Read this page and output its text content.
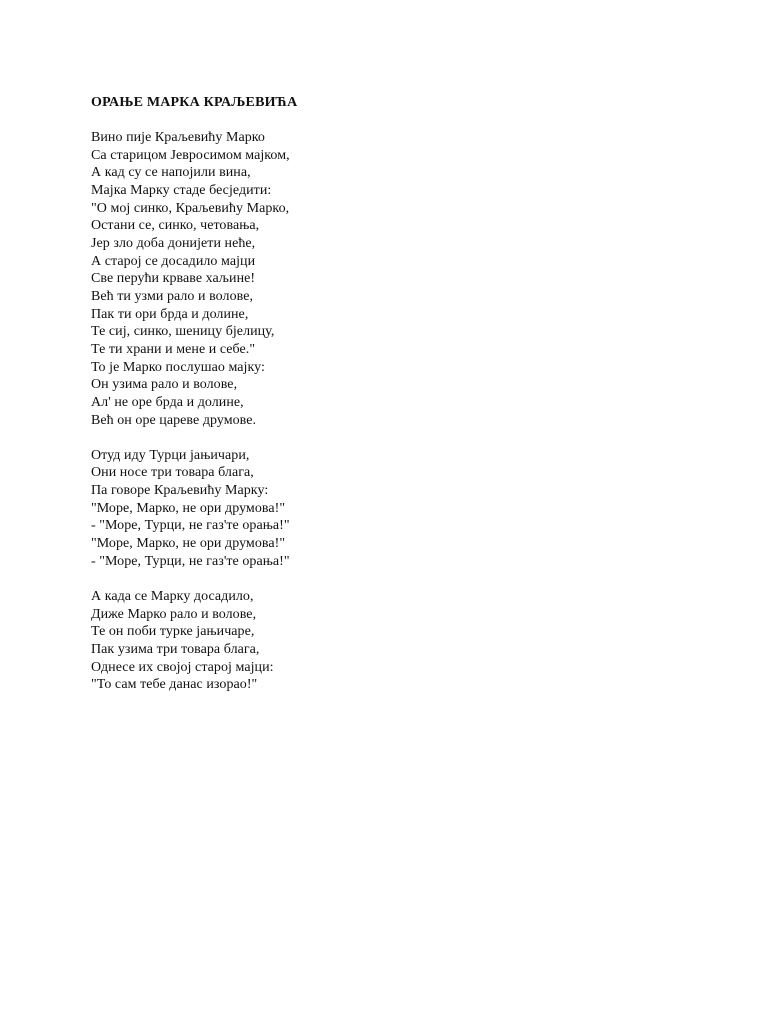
ОРАЊЕ МАРКА КРАЉЕВИЋА
Вино пије Краљевићу Марко
Са старицом Јевросимом мајком,
А кад су се напојили вина,
Мајка Марку стаде бесједити:
"О мој синко, Краљевићу Марко,
Остани се, синко, четовања,
Јер зло доба донијети неће,
А старој се досадило мајци
Све перући крваве хаљине!
Већ ти узми рало и волове,
Пак ти ори брда и долине,
Те сиј, синко, шеницу бјелицу,
Те ти храни и мене и себе."
То је Марко послушао мајку:
Он узима рало и волове,
Ал' не оре брда и долине,
Већ он оре цареве друмове.
Отуд иду Турци јањичари,
Они носе три товара блага,
Па говоре Краљевићу Марку:
"Море, Марко, не ори друмова!"
- "Море, Турци, не газ'те орања!"
"Море, Марко, не ори друмова!"
- "Море, Турци, не газ'те орања!"
А када се Марку досадило,
Диже Марко рало и волове,
Те он поби турке јањичаре,
Пак узима три товара блага,
Однесе их својој старој мајци:
"То сам тебе данас изорао!"
